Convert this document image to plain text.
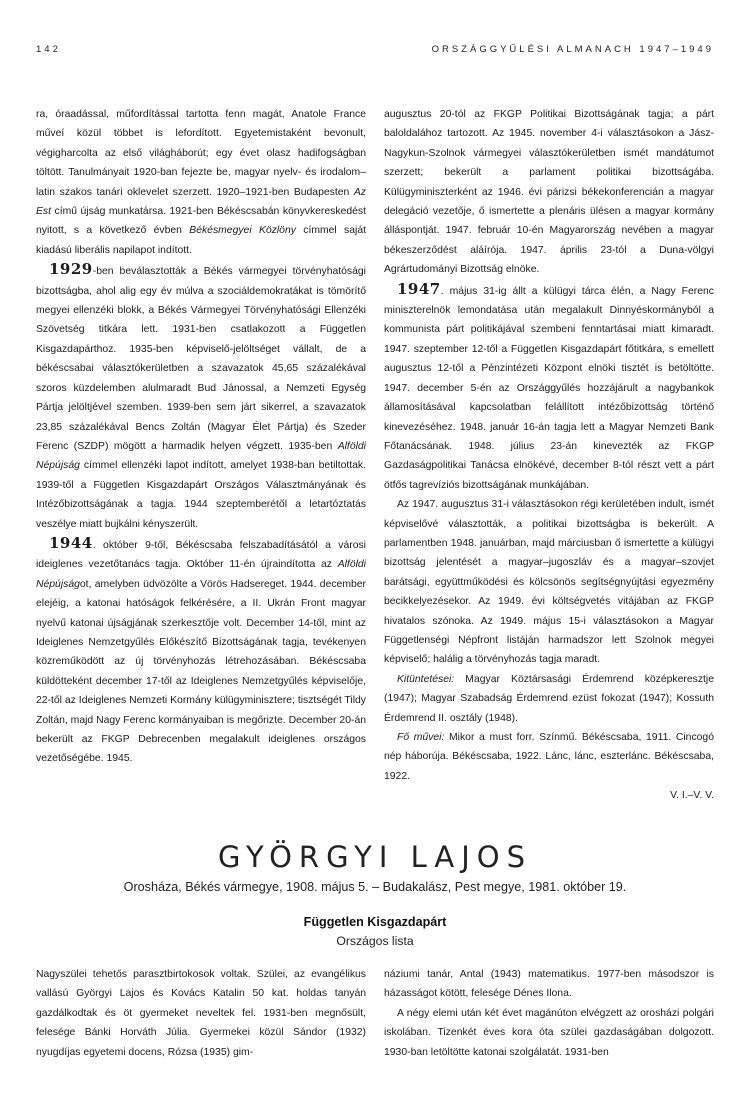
142	ORSZÁGGYŰLÉSI ALMANACH 1947–1949

ra, óraadással, műfordítással tartotta fenn magát, Anatole France műveí közül többet is lefordított. Egyetemistaként bevonult, végigharcolta az első világháborút; egy évet olasz hadifogságban töltött. Tanulmányait 1920-ban fejezte be, magyar nyelv- és irodalom–latin szakos tanári oklevelet szerzett. 1920–1921-ben Budapesten Az Est című újság munkatársa. 1921-ben Békéscsabán könyvkereskedést nyitott, s a következő évben Békésmegyei Közlöny címmel saját kiadású liberális napilapot indított.

1929-ben beválasztották a Békés vármegyei törvényhatósági bizottságba, ahol alig egy év múlva a szociáldemokratákat is tömörítő megyei ellenzéki blokk, a Békés Vármegyei Törvényhatósági Ellenzéki Szövetség titkára lett. 1931-ben csatlakozott a Független Kisgazdapárthoz. 1935-ben képviselő-jelöltséget vállalt, de a békéscsabai választókerületben a szavazatok 45,65 százalékával szoros küzdelemben alulmaradt Bud Jánossal, a Nemzeti Egység Pártja jelöltjével szemben. 1939-ben sem járt sikerrel, a szavazatok 23,85 százalékával Bencs Zoltán (Magyar Élet Pártja) és Szeder Ferenc (SZDP) mögött a harmadik helyen végzett. 1935-ben Alföldi Népújság címmel ellenzéki lapot indított, amelyet 1938-ban betiltottak. 1939-től a Független Kisgazdapárt Országos Választmányának és Intézőbizottságának a tagja. 1944 szeptemberétől a letartóztatás veszélye miatt bujkálni kényszerült.

1944. október 9-től, Békéscsaba felszabadításától a városi ideiglenes vezetőtanács tagja. Október 11-én újraindította az Alföldi Népújságot, amelyben üdvözölte a Vörös Hadsereget. 1944. december elejéig, a katonai hatóságok felkérésére, a II. Ukrán Front magyar nyelvű katonai újságjának szerkesztője volt. December 14-től, mint az Ideiglenes Nemzetgyűlés Előkészítő Bizottságának tagja, tevékenyen közreműködött az új törvényhozás létrehozásában. Békéscsaba küldötteként december 17-től az Ideiglenes Nemzetgyűlés képviselője, 22-től az Ideiglenes Nemzeti Kormány külügyminisztere; tisztségét Tildy Zoltán, majd Nagy Ferenc kormányaiban is megőrizte. December 20-án bekerült az FKGP Debrecenben megalakult ideiglenes országos vezetőségébe. 1945.

augusztus 20-tól az FKGP Politikai Bizottságának tagja; a párt baloldalához tartozott. Az 1945. november 4-i választásokon a Jász-Nagykun-Szolnok vármegyei választókerületben ismét mandátumot szerzett; bekerült a parlament politikai bizottságába. Külügyminiszterként az 1946. évi párizsi békekonferencián a magyar delegáció vezetője, ő ismertette a plenáris ülésen a magyar kormány álláspontját. 1947. február 10-én Magyarország nevében a magyar békeszerződést aláírója. 1947. április 23-tól a Duna-völgyi Agrártudományi Bizottság elnöke.

1947. május 31-ig állt a külügyi tárca élén, a Nagy Ferenc miniszterelnök lemondatása után megalakult Dinnyéskormányból a kommunista párt politikájával szembeni fenntartásai miatt kimaradt. 1947. szeptember 12-től a Független Kisgazdapárt főtitkára, s emellett augusztus 12-től a Pénzintézeti Központ elnöki tisztét is betöltötte. 1947. december 5-én az Országgyűlés hozzájárult a nagybankok államosításával kapcsolatban felállított intézőbizottság történő kinevezéséhez. 1948. január 16-án tagja lett a Magyar Nemzeti Bank Főtanácsának. 1948. július 23-án kinevezték az FKGP Gazdaságpolitikai Tanácsa elnökévé, december 8-tól részt vett a párt ötfős tagrevíziós bizottságának munkájában.

Az 1947. augusztus 31-i választásokon régi kerületében indult, ismét képviselővé választották, a politikai bizottságba is bekerült. A parlamentben 1948. januárban, majd márciusban ő ismertette a külügyi bizottság jelentését a magyar–jugoszláv és a magyar–szovjet barátsági, együttműködési és kölcsönös segítségnyújtási egyezmény becikkelyezésekor. Az 1949. évi költségvetés vitájában az FKGP hivatalos szónoka. Az 1949. május 15-i választásokon a Magyar Függetlenségi Népfront listáján harmadszor lett Szolnok megyei képviselő; halálig a törvényhozás tagja maradt.

Kitüntetései: Magyar Köztársasági Érdemrend középkeresztje (1947); Magyar Szabadság Érdemrend ezüst fokozat (1947); Kossuth Érdemrend II. osztály (1948).

Fő művei: Mikor a must forr. Színmű. Békéscsaba, 1911. Cincogó nép háborúja. Békéscsaba, 1922. Lánc, lánc, eszterlánc. Békéscsaba, 1922.

V. I.–V. V.

GYÖRGYI LAJOS
Orosháza, Békés vármegye, 1908. május 5. – Budakalász, Pest megye, 1981. október 19.
Független Kisgazdapárt
Országos lista

Nagyszülei tehetős parasztbirtokosok voltak. Szülei, az evangélikus vallású Györgyi Lajos és Kovács Katalin 50 kat. holdas tanyán gazdálkodtak és öt gyermeket neveltek fel. 1931-ben megnősült, felesége Bánki Horváth Júlia. Gyermekei közül Sándor (1932) nyugdíjas egyetemi docens, Rózsa (1935) gim-

náziumi tanár, Antal (1943) matematikus. 1977-ben másodszor is házasságot kötött, felesége Dénes Ilona.

A négy elemi után két évet magánúton elvégzett az orosházi polgári iskolában. Tizenkét éves kora óta szülei gazdaságában dolgozott. 1930-ban letöltötte katonai szolgálatát. 1931-ben
